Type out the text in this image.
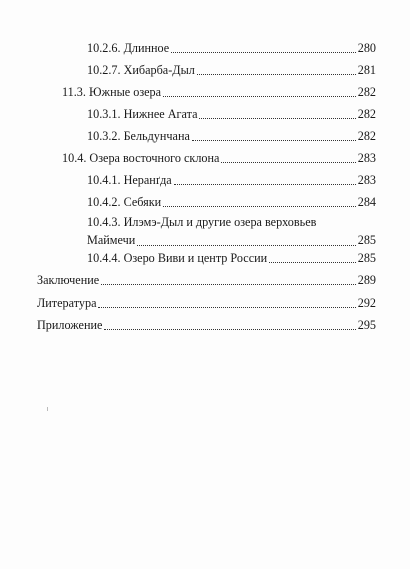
10.2.6. Длинное	280
10.2.7. Хибарба-Дыл	281
11.3. Южные озера	282
10.3.1. Нижнее Агата	282
10.3.2. Бельдунчана	282
10.4. Озера восточного склона	283
10.4.1. Неранґда	283
10.4.2. Себяки	284
10.4.3. Илэмэ-Дыл и другие озера верховьев
Маймечи	285
10.4.4. Озеро Виви и центр России	285
Заключение	289
Литература	292
Приложение	295
